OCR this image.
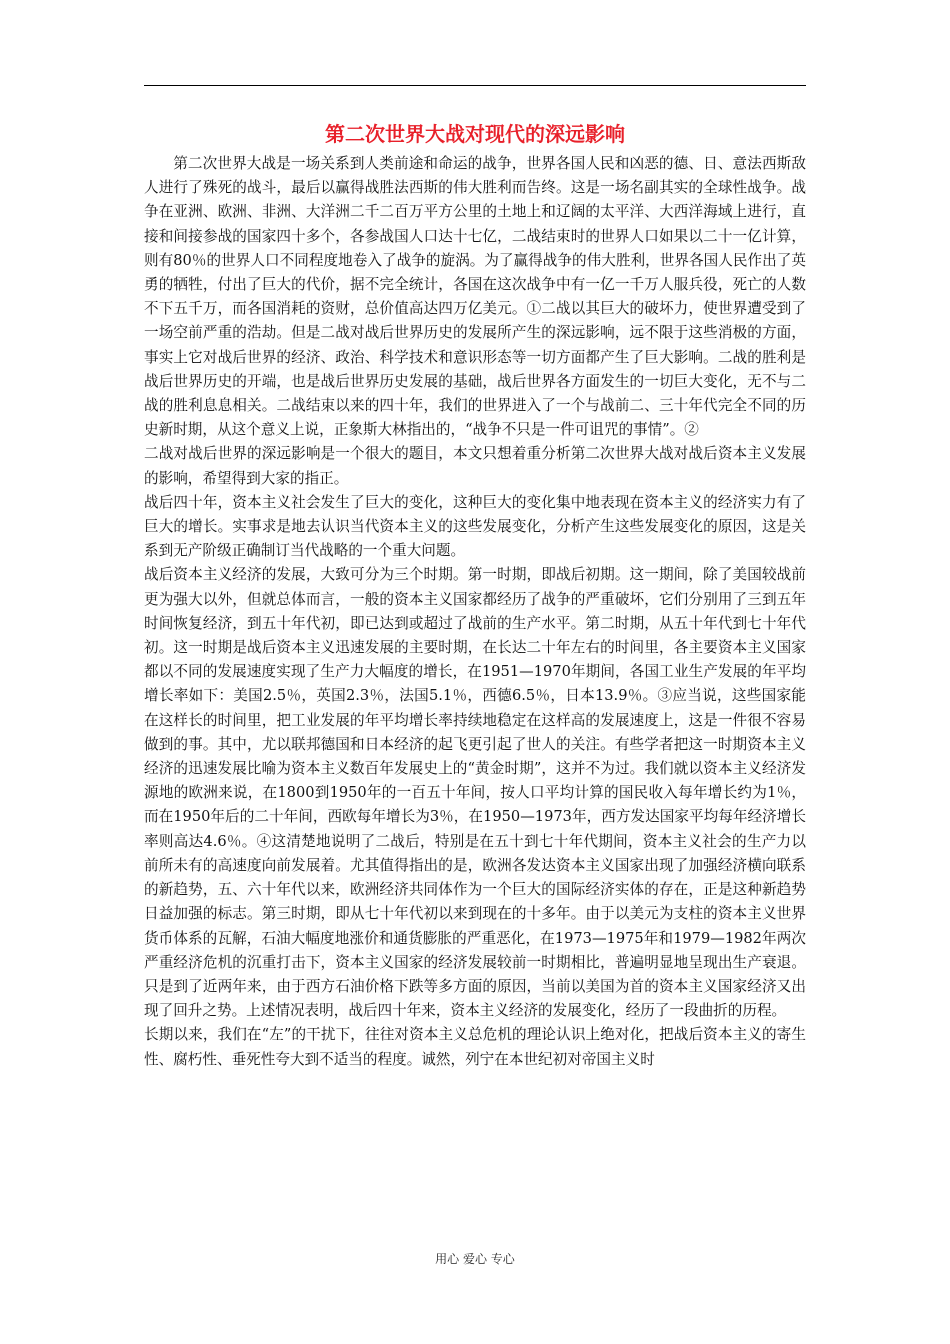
第二次世界大战对现代的深远影响

第二次世界大战是一场关系到人类前途和命运的战争，世界各国人民和凶恶的德、日、意法西斯敌人进行了殊死的战斗，最后以赢得战胜法西斯的伟大胜利而告终。这是一场名副其实的全球性战争。战争在亚洲、欧洲、非洲、大洋洲二千二百万平方公里的土地上和辽阔的太平洋、大西洋海域上进行，直接和间接参战的国家四十多个，各参战国人口达十七亿，二战结束时的世界人口如果以二十一亿计算，则有80％的世界人口不同程度地卷入了战争的旋涡。为了赢得战争的伟大胜利，世界各国人民作出了英勇的牺牲，付出了巨大的代价，据不完全统计，各国在这次战争中有一亿一千万人服兵役，死亡的人数不下五千万，而各国消耗的资财，总价值高达四万亿美元。①二战以其巨大的破坏力，使世界遭受到了一场空前严重的浩劫。但是二战对战后世界历史的发展所产生的深远影响，远不限于这些消极的方面，事实上它对战后世界的经济、政治、科学技术和意识形态等一切方面都产生了巨大影响。二战的胜利是战后世界历史的开端，也是战后世界历史发展的基础，战后世界各方面发生的一切巨大变化，无不与二战的胜利息息相关。二战结束以来的四十年，我们的世界进入了一个与战前二、三十年代完全不同的历史新时期，从这个意义上说，正象斯大林指出的，“战争不只是一件可诅咒的事情”。②

二战对战后世界的深远影响是一个很大的题目，本文只想着重分析第二次世界大战对战后资本主义发展的影响，希望得到大家的指正。

战后四十年，资本主义社会发生了巨大的变化，这种巨大的变化集中地表现在资本主义的经济实力有了巨大的增长。实事求是地去认识当代资本主义的这些发展变化，分析产生这些发展变化的原因，这是关系到无产阶级正确制订当代战略的一个重大问题。

战后资本主义经济的发展，大致可分为三个时期。第一时期，即战后初期。这一期间，除了美国较战前更为强大以外，但就总体而言，一般的资本主义国家都经历了战争的严重破坏，它们分别用了三到五年时间恢复经济，到五十年代初，即已达到或超过了战前的生产水平。第二时期，从五十年代到七十年代初。这一时期是战后资本主义迅速发展的主要时期，在长达二十年左右的时间里，各主要资本主义国家都以不同的发展速度实现了生产力大幅度的增长，在1951—1970年期间，各国工业生产发展的年平均增长率如下：美国2.5％，英国2.3％，法国5.1％，西德6.5％，日本13.9％。③应当说，这些国家能在这样长的时间里，把工业发展的年平均增长率持续地稳定在这样高的发展速度上，这是一件很不容易做到的事。其中，尤以联邦德国和日本经济的起飞更引起了世人的关注。有些学者把这一时期资本主义经济的迅速发展比喻为资本主义数百年发展史上的“黄金时期”，这并不为过。我们就以资本主义经济发源地的欧洲来说，在1800到1950年的一百五十年间，按人口平均计算的国民收入每年增长约为1％，而在1950年后的二十年间，西欧每年增长为3％，在1950—1973年，西方发达国家平均每年经济增长率则高达4.6％。④这清楚地说明了二战后，特别是在五十到七十年代期间，资本主义社会的生产力以前所未有的高速度向前发展着。尤其值得指出的是，欧洲各发达资本主义国家出现了加强经济横向联系的新趋势，五、六十年代以来，欧洲经济共同体作为一个巨大的国际经济实体的存在，正是这种新趋势日益加强的标志。第三时期，即从七十年代初以来到现在的十多年。由于以美元为支柱的资本主义世界货币体系的瓦解，石油大幅度地涨价和通货膨胀的严重恶化，在1973—1975年和1979—1982年两次严重经济危机的沉重打击下，资本主义国家的经济发展较前一时期相比，普遍明显地呈现出生产衰退。只是到了近两年来，由于西方石油价格下跌等多方面的原因，当前以美国为首的资本主义国家经济又出现了回升之势。上述情况表明，战后四十年来，资本主义经济的发展变化，经历了一段曲折的历程。

长期以来，我们在“左”的干扰下，往往对资本主义总危机的理论认识上绝对化，把战后资本主义的寄生性、腐朽性、垂死性夸大到不适当的程度。诚然，列宁在本世纪初对帝国主义时

用心 爱心 专心
